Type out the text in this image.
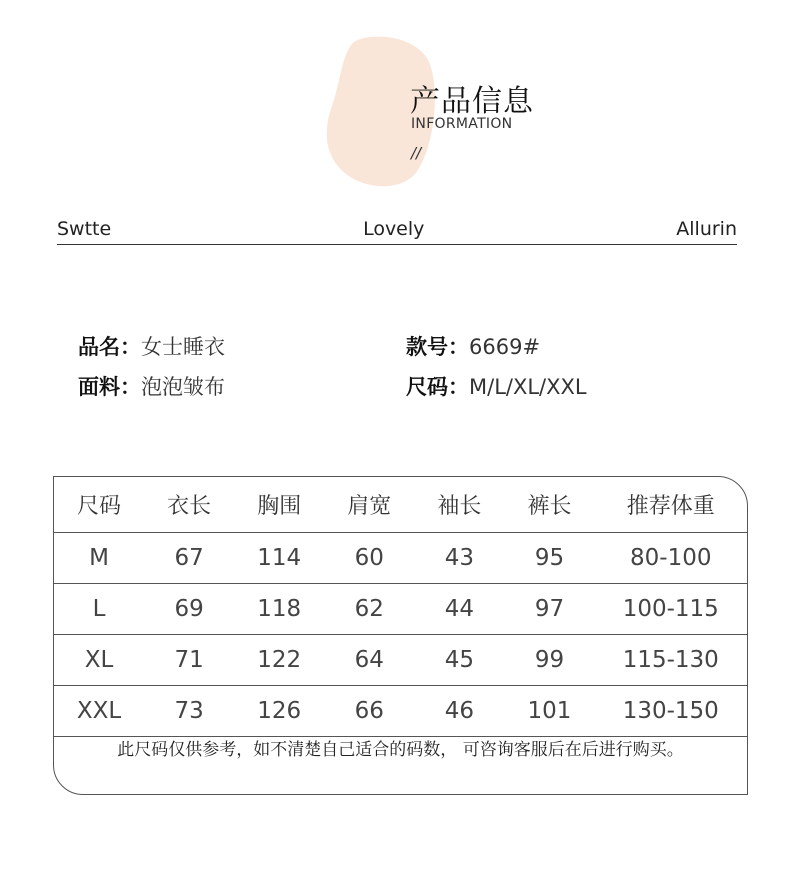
产品信息
INFORMATION
//
Swtte	Lovely	Allurin
品名：女士睡衣	款号：6669#
面料：泡泡皱布	尺码：M/L/XL/XXL
尺码	衣长	胸围	肩宽	袖长	裤长	推荐体重
M	67	114	60	43	95	80-100
L	69	118	62	44	97	100-115
XL	71	122	64	45	99	115-130
XXL	73	126	66	46	101	130-150
此尺码仅供参考，如不清楚自己适合的码数， 可咨询客服后在后进行购买。
